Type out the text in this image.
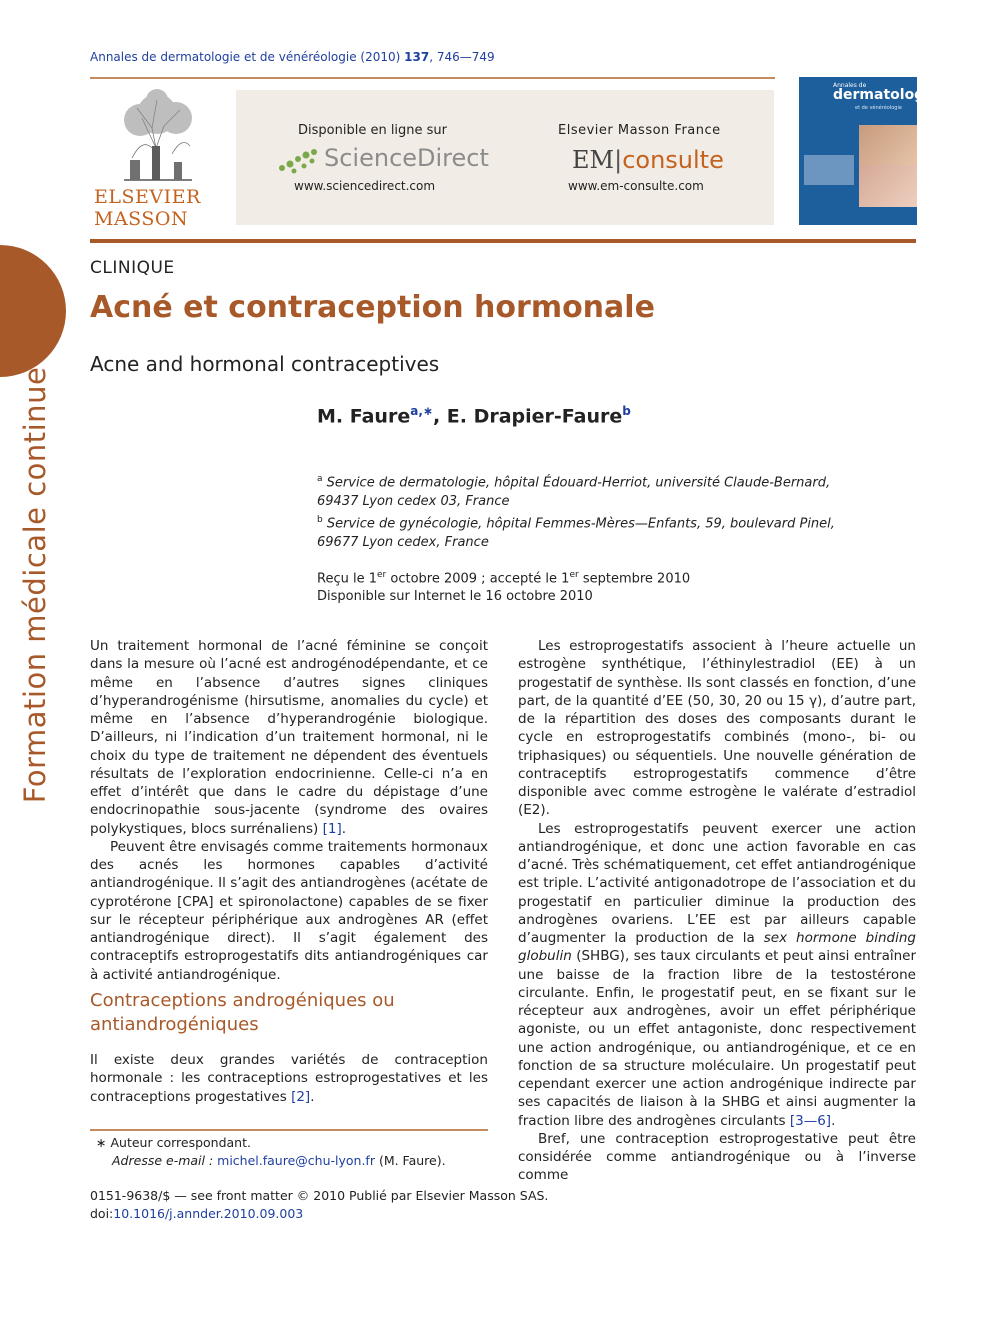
Formation médicale continue
Annales de dermatologie et de vénéréologie (2010) 137, 746—749
ELSEVIER
MASSON
Disponible en ligne sur
ScienceDirect
www.sciencedirect.com
Elsevier Masson France
EM|consulte
www.em-consulte.com
Annales de
dermatologie
et de vénéréologie
CLINIQUE
Acné et contraception hormonale
Acne and hormonal contraceptives
M. Faure$^{a,∗}$, E. Drapier-Faure$^b$
$^a$ Service de dermatologie, hôpital Édouard-Herriot, université Claude-Bernard, 69437 Lyon cedex 03, France
$^b$ Service de gynécologie, hôpital Femmes-Mères—Enfants, 59, boulevard Pinel, 69677 Lyon cedex, France
Reçu le 1er octobre 2009 ; accepté le 1er septembre 2010
Disponible sur Internet le 16 octobre 2010

Un traitement hormonal de l’acné féminine se conçoit dans la mesure où l’acné est androgénodépendante, et ce même en l’absence d’autres signes cliniques d’hyperandrogénisme (hirsutisme, anomalies du cycle) et même en l’absence d’hyperandrogénie biologique. D’ailleurs, ni l’indication d’un traitement hormonal, ni le choix du type de traitement ne dépendent des éventuels résultats de l’exploration endocrinienne. Celle-ci n’a en effet d’intérêt que dans le cadre du dépistage d’une endocrinopathie sous-jacente (syndrome des ovaires polykystiques, blocs surrénaliens) [1].

Peuvent être envisagés comme traitements hormonaux des acnés les hormones capables d’activité antiandrogénique. Il s’agit des antiandrogènes (acétate de cyprotérone [CPA] et spironolactone) capables de se fixer sur le récepteur périphérique aux androgènes AR (effet antiandrogénique direct). Il s’agit également des contraceptifs estroprogestatifs dits antiandrogéniques car à activité antiandrogénique.

Contraceptions androgéniques ou antiandrogéniques

Il existe deux grandes variétés de contraception hormonale : les contraceptions estroprogestatives et les contraceptions progestatives [2].

∗ Auteur correspondant.
Adresse e-mail : michel.faure@chu-lyon.fr (M. Faure).

Les estroprogestatifs associent à l’heure actuelle un estrogène synthétique, l’éthinylestradiol (EE) à un progestatif de synthèse. Ils sont classés en fonction, d’une part, de la quantité d’EE (50, 30, 20 ou 15 γ), d’autre part, de la répartition des doses des composants durant le cycle en estroprogestatifs combinés (mono-, bi- ou triphasiques) ou séquentiels. Une nouvelle génération de contraceptifs estroprogestatifs commence d’être disponible avec comme estrogène le valérate d’estradiol (E2).

Les estroprogestatifs peuvent exercer une action antiandrogénique, et donc une action favorable en cas d’acné. Très schématiquement, cet effet antiandrogénique est triple. L’activité antigonadotrope de l’association et du progestatif en particulier diminue la production des androgènes ovariens. L’EE est par ailleurs capable d’augmenter la production de la sex hormone binding globulin (SHBG), ses taux circulants et peut ainsi entraîner une baisse de la fraction libre de la testostérone circulante. Enfin, le progestatif peut, en se fixant sur le récepteur aux androgènes, avoir un effet périphérique agoniste, ou un effet antagoniste, donc respectivement une action androgénique, ou antiandrogénique, et ce en fonction de sa structure moléculaire. Un progestatif peut cependant exercer une action androgénique indirecte par ses capacités de liaison à la SHBG et ainsi augmenter la fraction libre des androgènes circulants [3—6].

Bref, une contraception estroprogestative peut être considérée comme antiandrogénique ou à l’inverse comme

0151-9638/$ — see front matter © 2010 Publié par Elsevier Masson SAS.
doi:10.1016/j.annder.2010.09.003
